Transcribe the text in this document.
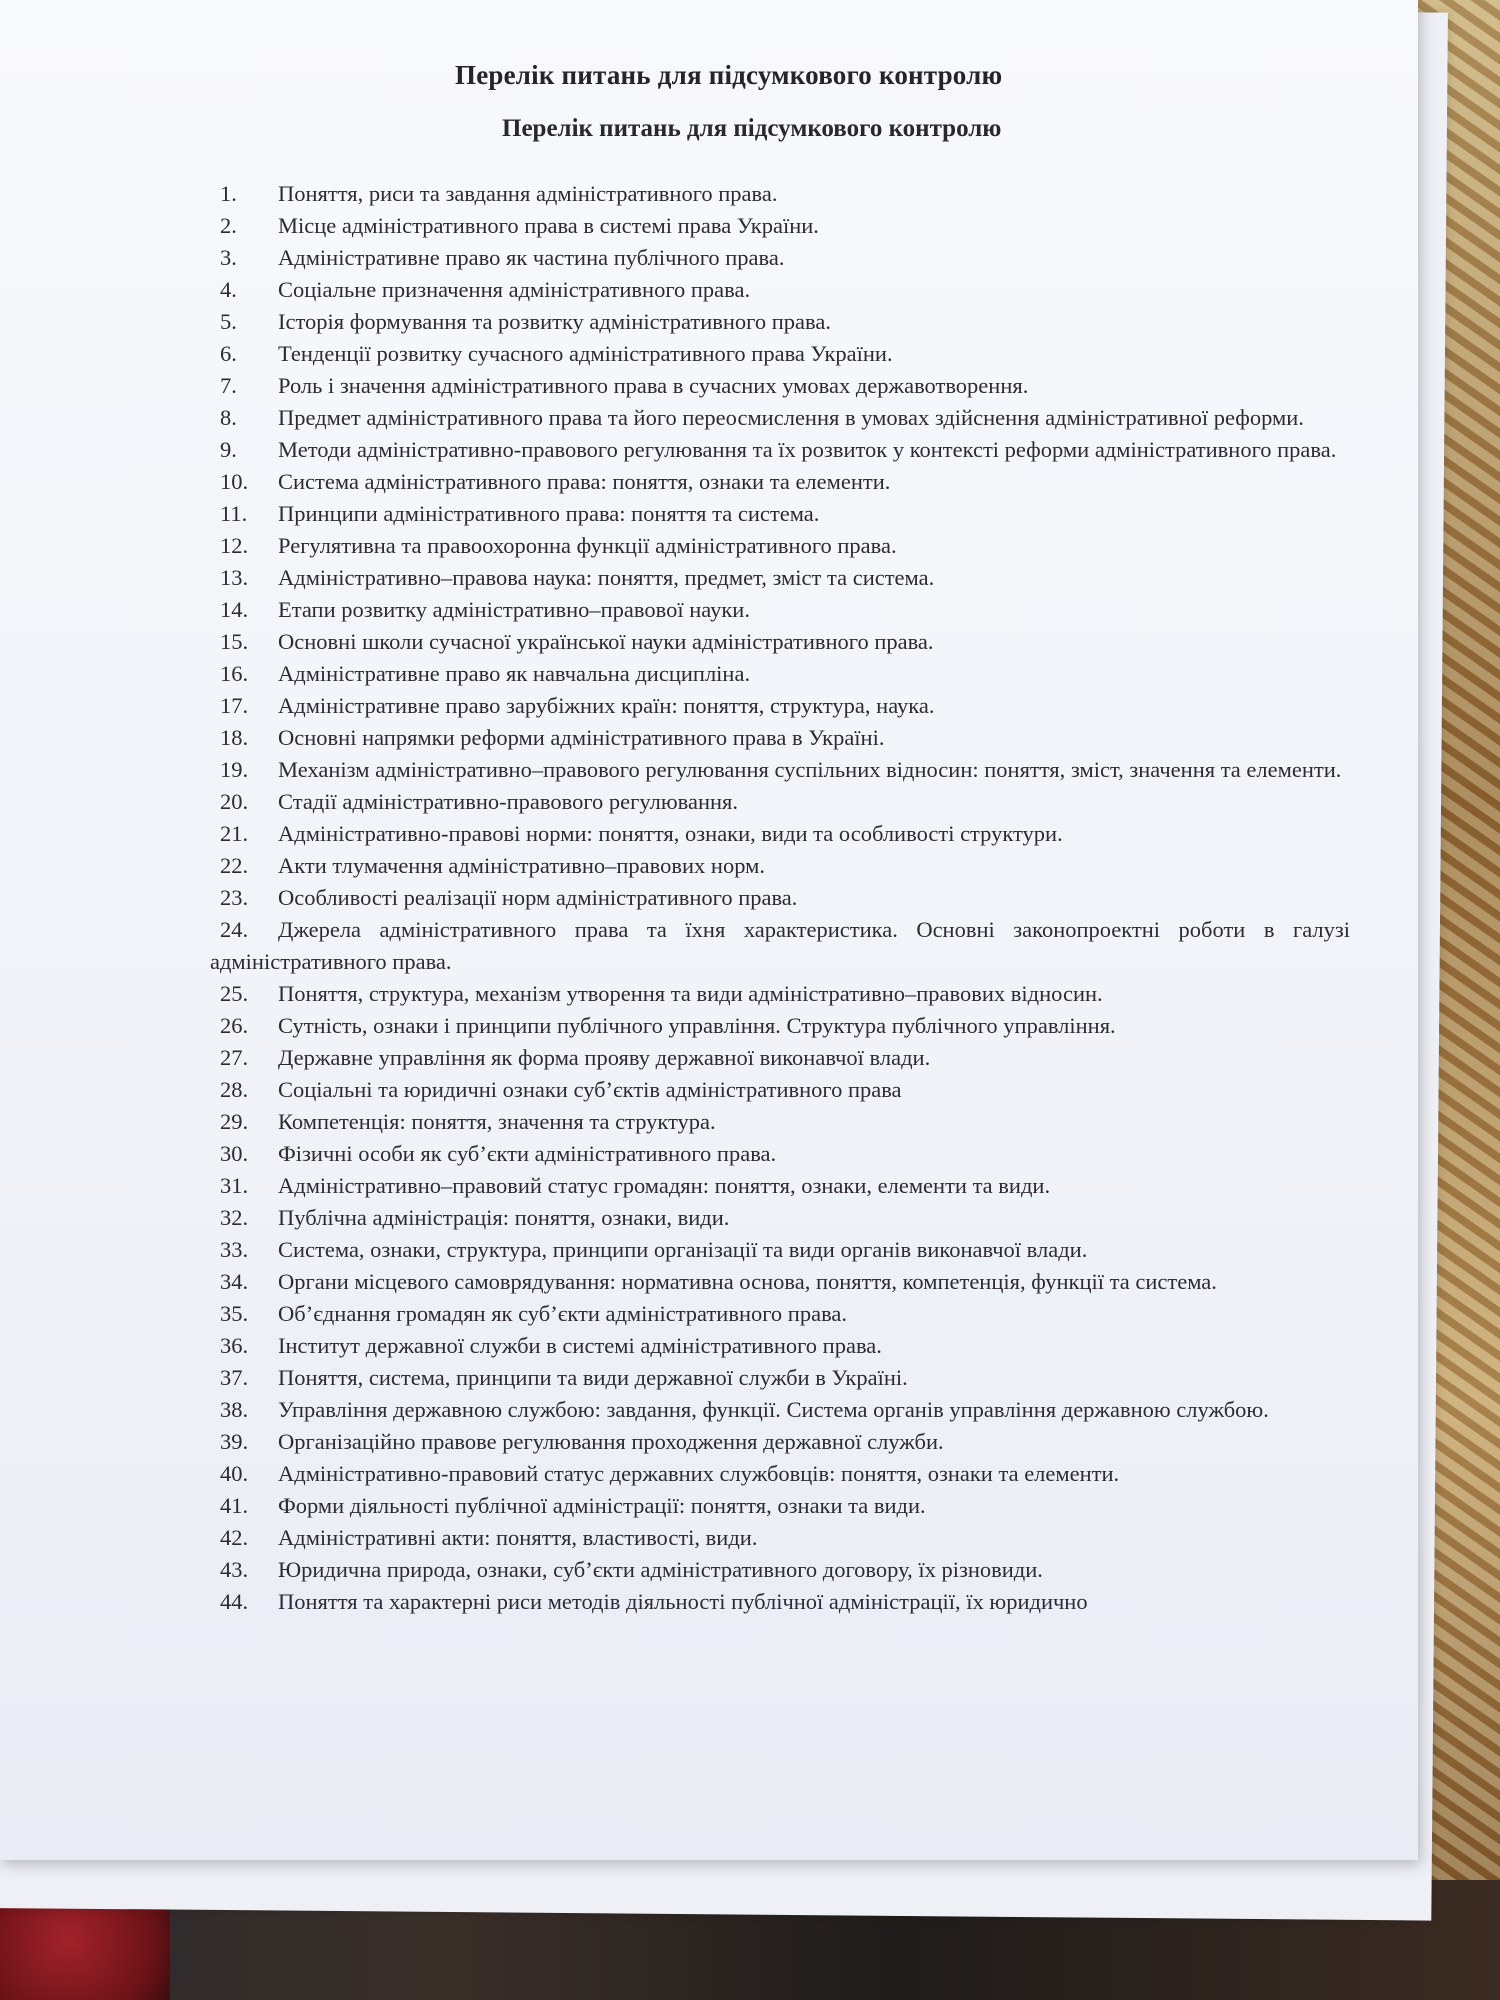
Перелік питань для підсумкового контролю
Перелік питань для підсумкового контролю
1. Поняття, риси та завдання адміністративного права.
2. Місце адміністративного права в системі права України.
3. Адміністративне право як частина публічного права.
4. Соціальне призначення адміністративного права.
5. Історія формування та розвитку адміністративного права.
6. Тенденції розвитку сучасного адміністративного права України.
7. Роль і значення адміністративного права в сучасних умовах державотворення.
8. Предмет адміністративного права та його переосмислення в умовах здійснення адміністративної реформи.
9. Методи адміністративно-правового регулювання та їх розвиток у контексті реформи адміністративного права.
10. Система адміністративного права: поняття, ознаки та елементи.
11. Принципи адміністративного права: поняття та система.
12. Регулятивна та правоохоронна функції адміністративного права.
13. Адміністративно–правова наука: поняття, предмет, зміст та система.
14. Етапи розвитку адміністративно–правової науки.
15. Основні школи сучасної української науки адміністративного права.
16. Адміністративне право як навчальна дисципліна.
17. Адміністративне право зарубіжних країн: поняття, структура, наука.
18. Основні напрямки реформи адміністративного права в Україні.
19. Механізм адміністративно–правового регулювання суспільних відносин: поняття, зміст, значення та елементи.
20. Стадії адміністративно-правового регулювання.
21. Адміністративно-правові норми: поняття, ознаки, види та особливості структури.
22. Акти тлумачення адміністративно–правових норм.
23. Особливості реалізації норм адміністративного права.
24. Джерела адміністративного права та їхня характеристика. Основні законопроектні роботи в галузі адміністративного права.
25. Поняття, структура, механізм утворення та види адміністративно–правових відносин.
26. Сутність, ознаки і принципи публічного управління. Структура публічного управління.
27. Державне управління як форма прояву державної виконавчої влади.
28. Соціальні та юридичні ознаки суб’єктів адміністративного права
29. Компетенція: поняття, значення та структура.
30. Фізичні особи як суб’єкти адміністративного права.
31. Адміністративно–правовий статус громадян: поняття, ознаки, елементи та види.
32. Публічна адміністрація: поняття, ознаки, види.
33. Система, ознаки, структура, принципи організації та види органів виконавчої влади.
34. Органи місцевого самоврядування: нормативна основа, поняття, компетенція, функції та система.
35. Об’єднання громадян як суб’єкти адміністративного права.
36. Інститут державної служби в системі адміністративного права.
37. Поняття, система, принципи та види державної служби в Україні.
38. Управління державною службою: завдання, функції. Система органів управління державною службою.
39. Організаційно правове регулювання проходження державної служби.
40. Адміністративно-правовий статус державних службовців: поняття, ознаки та елементи.
41. Форми діяльності публічної адміністрації: поняття, ознаки та види.
42. Адміністративні акти: поняття, властивості, види.
43. Юридична природа, ознаки, суб’єкти адміністративного договору, їх різновиди.
44. Поняття та характерні риси методів діяльності публічної адміністрації, їх юридично
